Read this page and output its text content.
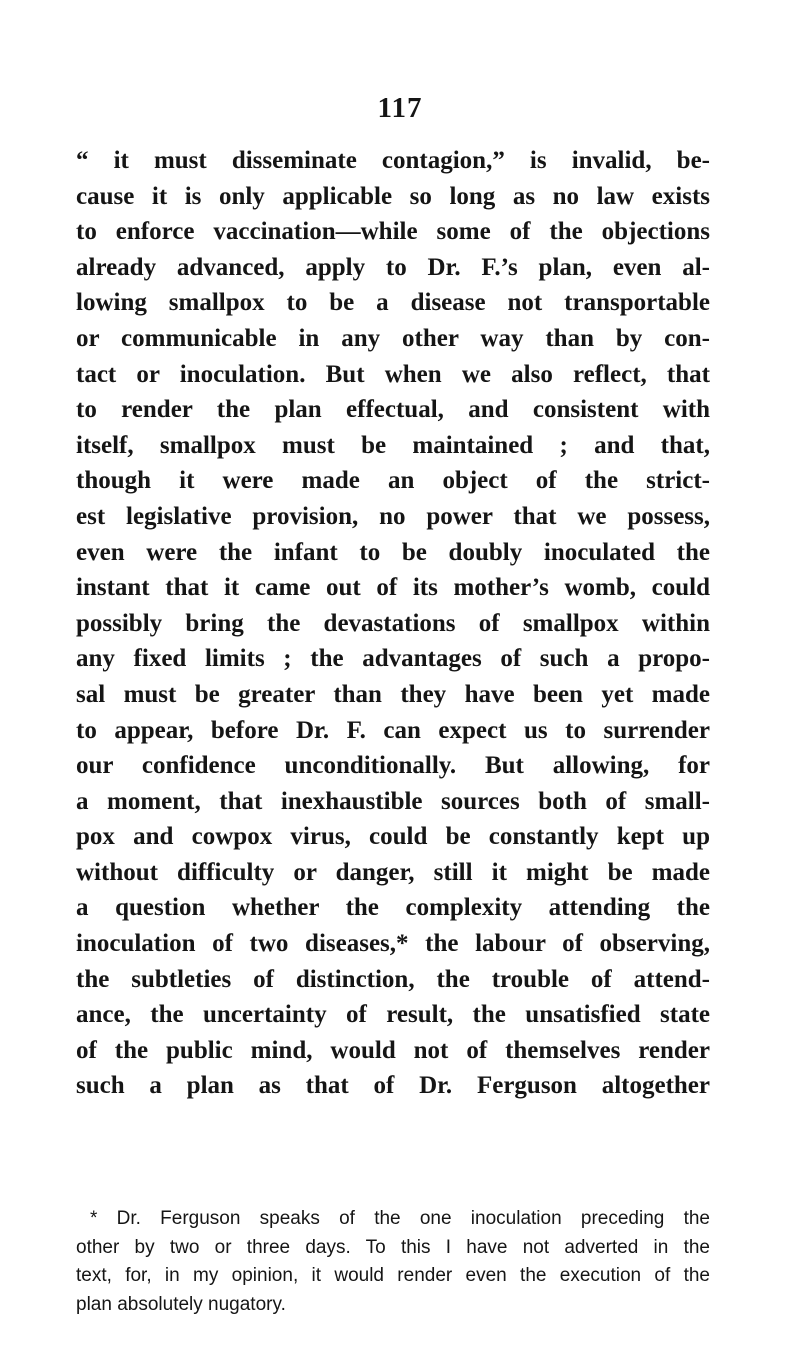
117
“ it must disseminate contagion,” is invalid, be-
cause it is only applicable so long as no law exists
to enforce vaccination—while some of the objections
already advanced, apply to Dr. F.’s plan, even al-
lowing smallpox to be a disease not transportable
or communicable in any other way than by con-
tact or inoculation. But when we also reflect, that
to render the plan effectual, and consistent with
itself, smallpox must be maintained ; and that,
though it were made an object of the strict-
est legislative provision, no power that we possess,
even were the infant to be doubly inoculated the
instant that it came out of its mother’s womb, could
possibly bring the devastations of smallpox within
any fixed limits ; the advantages of such a propo-
sal must be greater than they have been yet made
to appear, before Dr. F. can expect us to surrender
our confidence unconditionally. But allowing, for
a moment, that inexhaustible sources both of small-
pox and cowpox virus, could be constantly kept up
without difficulty or danger, still it might be made
a question whether the complexity attending the
inoculation of two diseases,* the labour of observing,
the subtleties of distinction, the trouble of attend-
ance, the uncertainty of result, the unsatisfied state
of the public mind, would not of themselves render
such a plan as that of Dr. Ferguson altogether
* Dr. Ferguson speaks of the one inoculation preceding the
other by two or three days. To this I have not adverted in the
text, for, in my opinion, it would render even the execution of the
plan absolutely nugatory.
